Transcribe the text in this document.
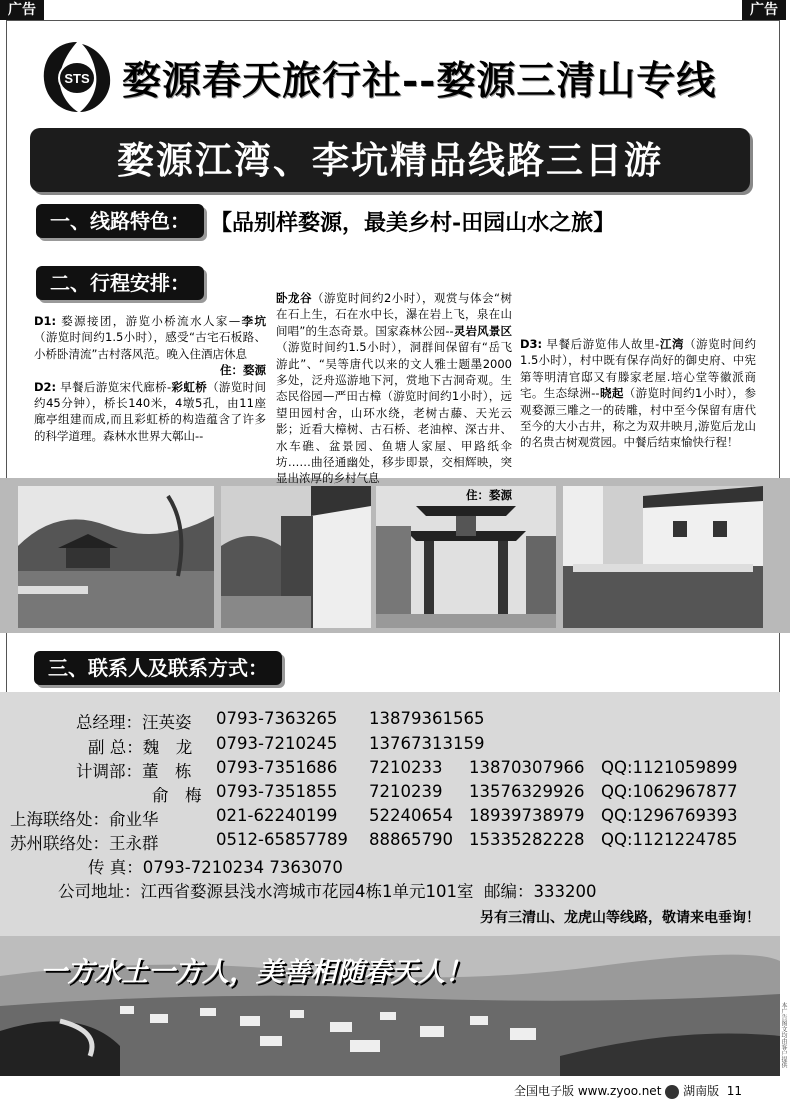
广告	广告
STS 婺源春天旅行社--婺源三清山专线
婺源江湾、李坑精品线路三日游
一、线路特色： 【品别样婺源，最美乡村-田园山水之旅】
二、行程安排：

D1: 婺源接团，游览小桥流水人家—李坑（游览时间约1.5小时），感受“古宅石板路、小桥卧清流”古村落风范。晚入住酒店休息

住：婺源

D2: 早餐后游览宋代廊桥-彩虹桥（游览时间约45分钟），桥长140米，4墩5孔，由11座廊亭组建而成,而且彩虹桥的构造蕴含了许多的科学道理。森林水世界大鄣山--

D3: 早餐后游览伟人故里-江湾（游览时间约1.5小时），村中既有保存尚好的御史府、中宪第等明清官邸又有滕家老屋.培心堂等徽派商宅。生态绿洲--晓起（游览时间约1小时），参观婺源三雕之一的砖雕，村中至今保留有唐代至今的大小古井，称之为双井映月,游览后龙山的名贵古树观赏园。中餐后结束愉快行程！

三、联系人及联系方式：
总经理：汪英姿 0793-7363265 13879361565
副 总：魏　龙 0793-7210245 13767313159
计调部：董　栋 0793-7351686 7210233 13870307966 QQ:1121059899
俞　梅 0793-7351855 7210239 13576329926 QQ:1062967877
上海联络处：俞业华	021-62240199 52240654 18939738979 QQ:1296769393
苏州联络处：王永群	0512-65857789 88865790 15335282228 QQ:1121224785
传 真：0793-7210234 7363070
公司地址：江西省婺源县浅水湾城市花园4栋1单元101室 邮编：333200
另有三清山、龙虎山等线路，敬请来电垂询！
一方水土一方人，美善相随春天人！
本广告图文均由客户提供
全国电子版 www.zyoo.net 湖南版 11

卧龙谷（游览时间约2小时），观赏与体会“树在石上生，石在水中长，瀑在岩上飞，泉在山间唱”的生态奇景。国家森林公园--灵岩风景区（游览时间约1.5小时），洞群间保留有“岳飞游此”、“吴等唐代以来的文人雅士题墨2000多处，泛舟巡游地下河，赏地下古洞奇观。生态民俗园—严田古樟（游览时间约1小时），远望田园村舍，山环水绕，老树古藤、天光云影；近看大樟树、古石桥、老油榨、深古井、水车礁、盆景园、鱼塘人家屋、甲路纸伞坊……曲径通幽处，移步即景，交相辉映，突显出浓厚的乡村气息

住：婺源
